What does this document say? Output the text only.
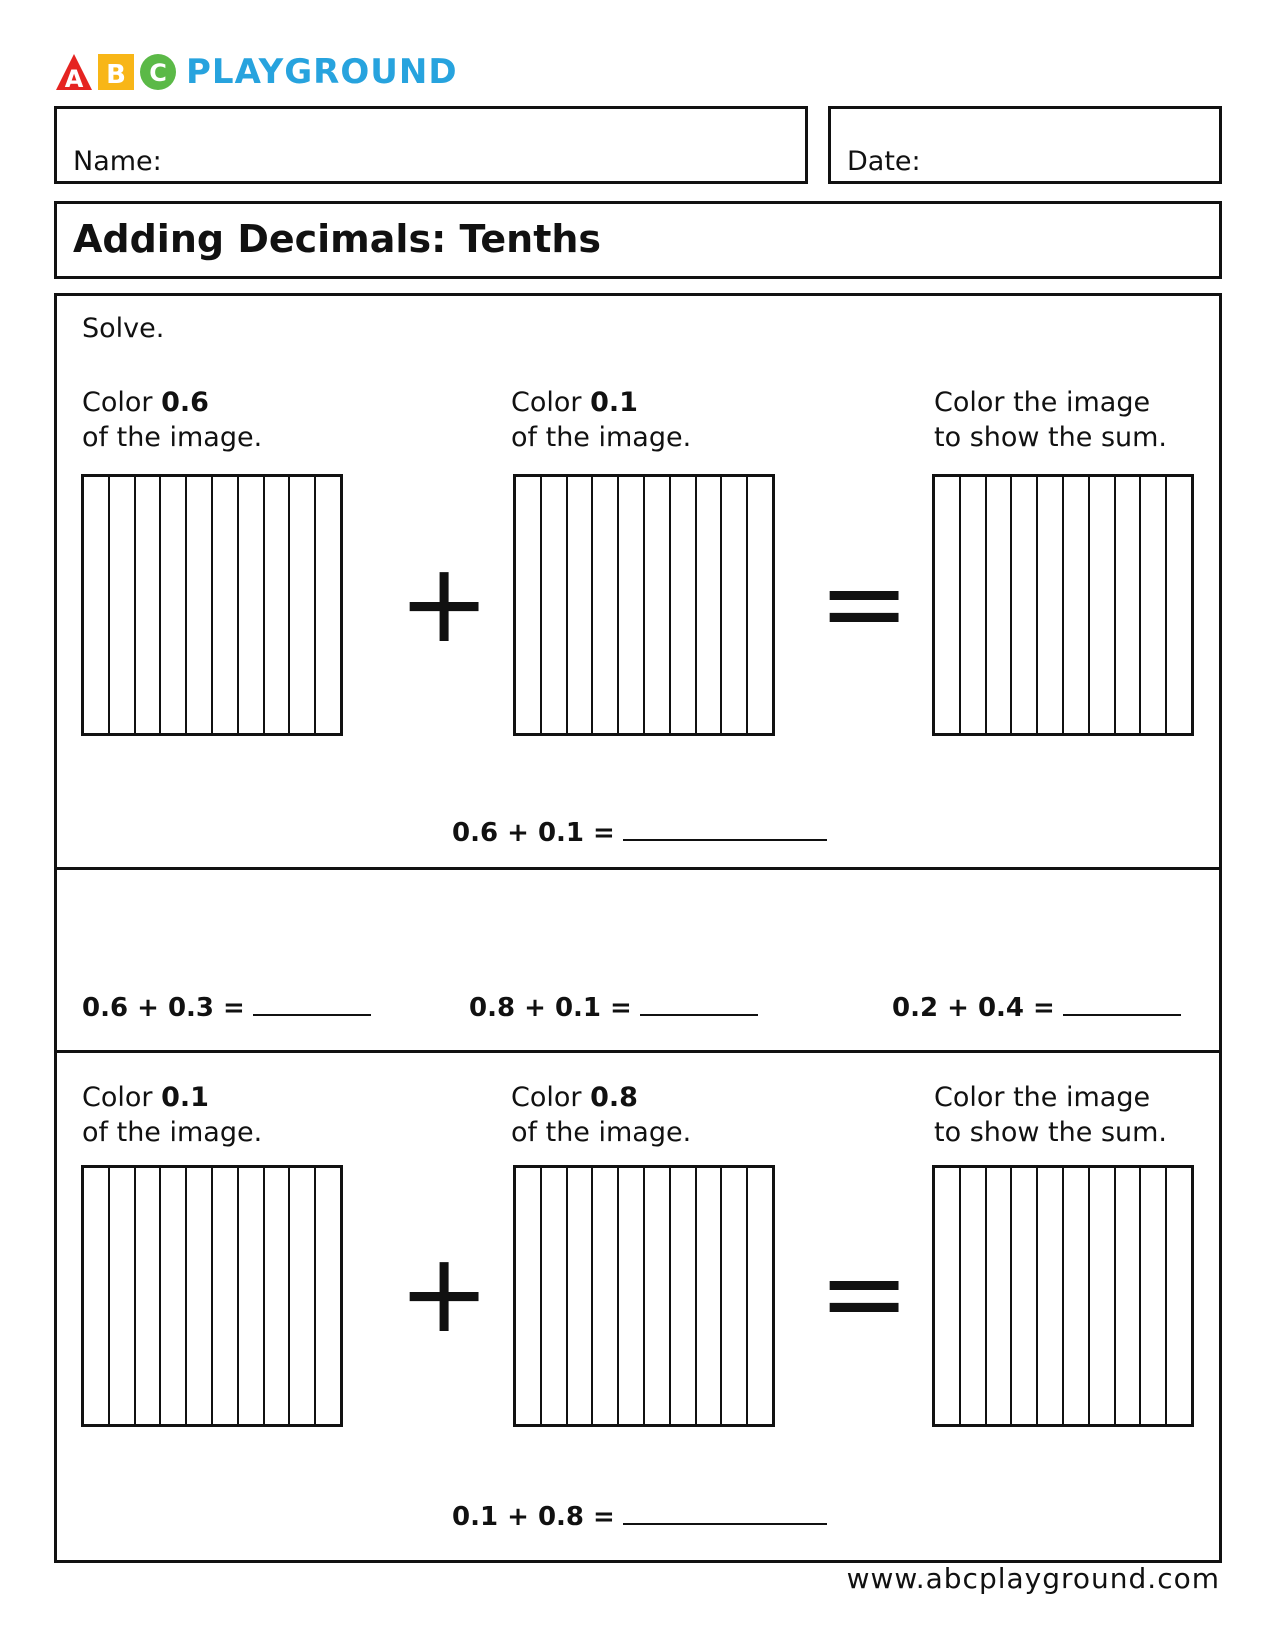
A B C PLAYGROUND
Name:	Date:
Adding Decimals: Tenths
Solve.
Color 0.6
of the image.
Color 0.1
of the image.
Color the image
to show the sum.
+	=
0.6 + 0.1 =
0.6 + 0.3 =	0.8 + 0.1 =	0.2 + 0.4 =
Color 0.1
of the image.
Color 0.8
of the image.
Color the image
to show the sum.
+	=
0.1 + 0.8 =
www.abcplayground.com
